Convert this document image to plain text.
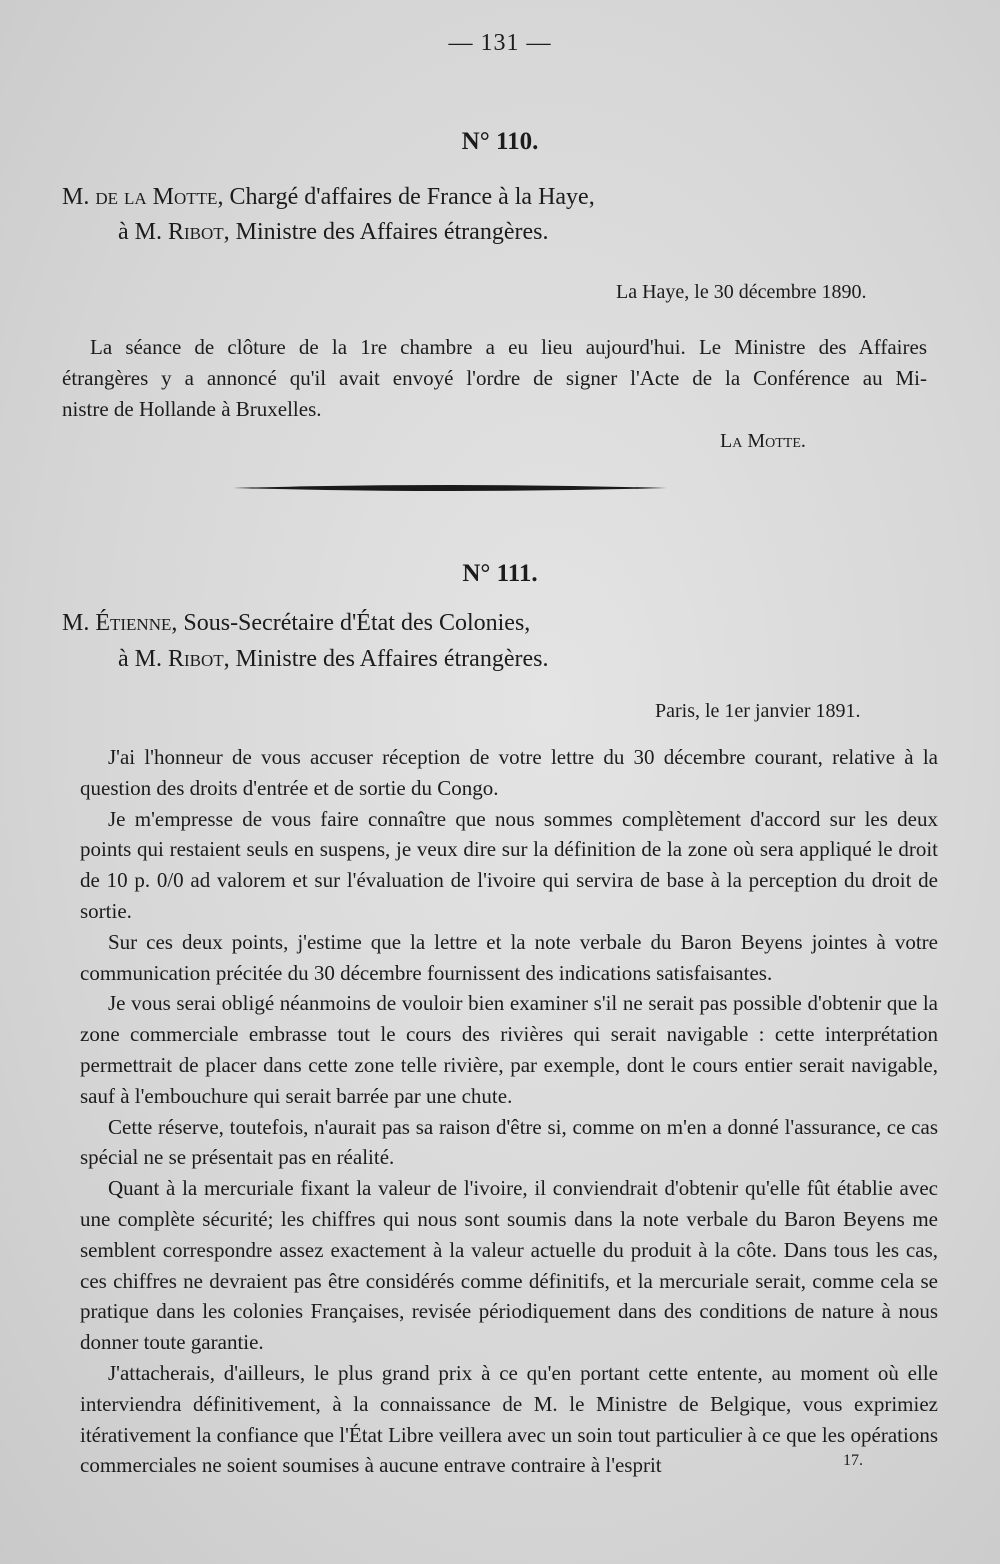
— 131 —
N° 110.
M. de la Motte, Chargé d'affaires de France à la Haye,
à M. Ribot, Ministre des Affaires étrangères.
La Haye, le 30 décembre 1890.
La séance de clôture de la 1re chambre a eu lieu aujourd'hui. Le Ministre des Affaires
étrangères y a annoncé qu'il avait envoyé l'ordre de signer l'Acte de la Conférence au Mi-
nistre de Hollande à Bruxelles.
La Motte.
N° 111.
M. Étienne, Sous-Secrétaire d'État des Colonies,
à M. Ribot, Ministre des Affaires étrangères.
Paris, le 1er janvier 1891.

J'ai l'honneur de vous accuser réception de votre lettre du 30 décembre courant, relative à la question des droits d'entrée et de sortie du Congo.

Je m'empresse de vous faire connaître que nous sommes complètement d'accord sur les deux points qui restaient seuls en suspens, je veux dire sur la définition de la zone où sera appliqué le droit de 10 p. 0/0 ad valorem et sur l'évaluation de l'ivoire qui servira de base à la perception du droit de sortie.

Sur ces deux points, j'estime que la lettre et la note verbale du Baron Beyens jointes à votre communication précitée du 30 décembre fournissent des indications satisfaisantes.

Je vous serai obligé néanmoins de vouloir bien examiner s'il ne serait pas possible d'obtenir que la zone commerciale embrasse tout le cours des rivières qui serait navigable : cette interprétation permettrait de placer dans cette zone telle rivière, par exemple, dont le cours entier serait navigable, sauf à l'embouchure qui serait barrée par une chute.

Cette réserve, toutefois, n'aurait pas sa raison d'être si, comme on m'en a donné l'assurance, ce cas spécial ne se présentait pas en réalité.

Quant à la mercuriale fixant la valeur de l'ivoire, il conviendrait d'obtenir qu'elle fût établie avec une complète sécurité; les chiffres qui nous sont soumis dans la note verbale du Baron Beyens me semblent correspondre assez exactement à la valeur actuelle du produit à la côte. Dans tous les cas, ces chiffres ne devraient pas être considérés comme définitifs, et la mercuriale serait, comme cela se pratique dans les colonies Françaises, revisée périodiquement dans des conditions de nature à nous donner toute garantie.

J'attacherais, d'ailleurs, le plus grand prix à ce qu'en portant cette entente, au moment où elle interviendra définitivement, à la connaissance de M. le Ministre de Belgique, vous exprimiez itérativement la confiance que l'État Libre veillera avec un soin tout particulier à ce que les opérations commerciales ne soient soumises à aucune entrave contraire à l'esprit	17.
